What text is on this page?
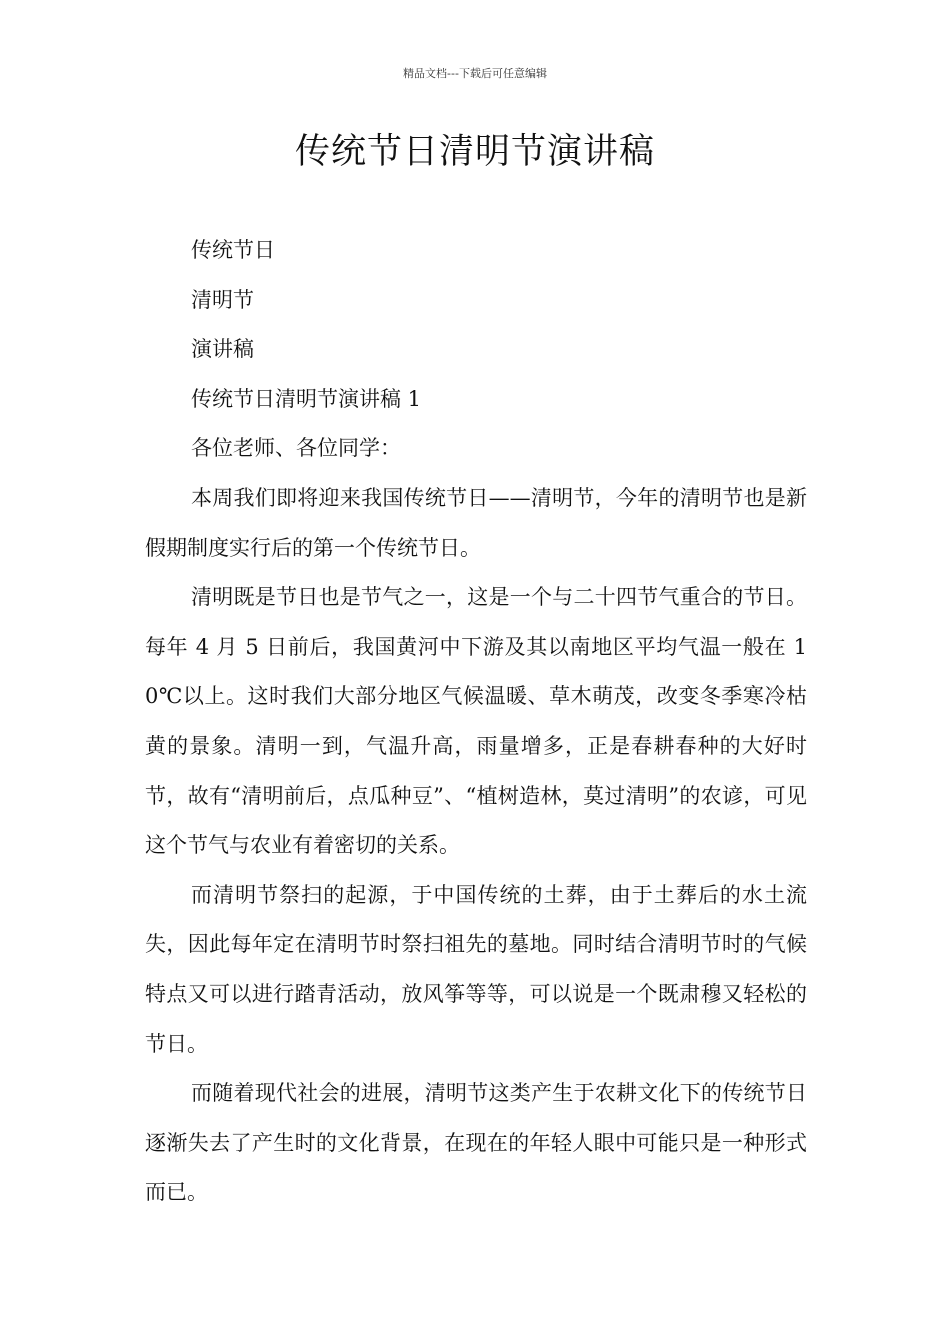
精品文档---下载后可任意编辑
传统节日清明节演讲稿

传统节日

清明节

演讲稿

传统节日清明节演讲稿 1

各位老师、各位同学：

本周我们即将迎来我国传统节日——清明节，今年的清明节也是新假期制度实行后的第一个传统节日。

清明既是节日也是节气之一，这是一个与二十四节气重合的节日。每年 4 月 5 日前后，我国黄河中下游及其以南地区平均气温一般在 10℃以上。这时我们大部分地区气候温暖、草木萌茂，改变冬季寒冷枯黄的景象。清明一到，气温升高，雨量增多，正是春耕春种的大好时节，故有“清明前后，点瓜种豆”、“植树造林，莫过清明”的农谚，可见这个节气与农业有着密切的关系。

而清明节祭扫的起源，于中国传统的土葬，由于土葬后的水土流失，因此每年定在清明节时祭扫祖先的墓地。同时结合清明节时的气候特点又可以进行踏青活动，放风筝等等，可以说是一个既肃穆又轻松的节日。

而随着现代社会的进展，清明节这类产生于农耕文化下的传统节日逐渐失去了产生时的文化背景，在现在的年轻人眼中可能只是一种形式而已。
